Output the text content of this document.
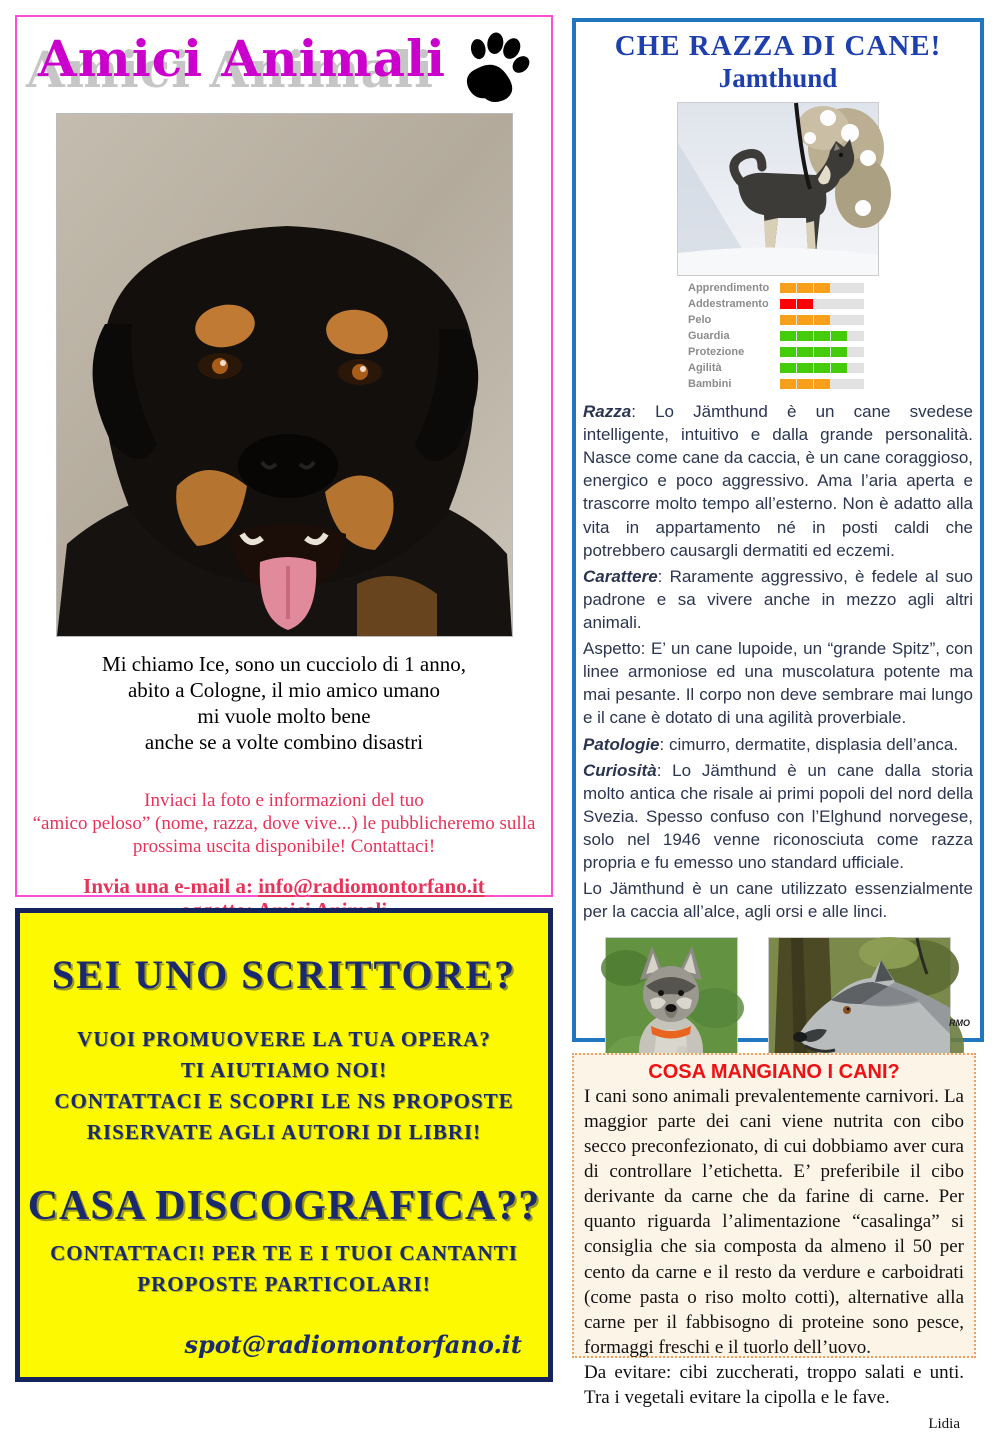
Amici Animali
Mi chiamo Ice, sono un cucciolo di 1 anno,
abito a Cologne, il mio amico umano
mi vuole molto bene
anche se a volte combino disastri
Inviaci la foto e informazioni del tuo
“amico peloso” (nome, razza, dove vive...) le pubblicheremo sulla
prossima uscita disponibile! Contattaci!
Invia una e-mail a: info@radiomontorfano.it
SEI UNO SCRITTORE?
VUOI PROMUOVERE LA TUA OPERA?
TI AIUTIAMO NOI!
CONTATTACI E SCOPRI LE NS PROPOSTE
RISERVATE AGLI AUTORI DI LIBRI!
CASA DISCOGRAFICA??
CONTATTACI! PER TE E I TUOI CANTANTI
PROPOSTE PARTICOLARI!
spot@radiomontorfano.it
CHE RAZZA DI CANE!
Jamthund
Apprendimento
Addestramento
Pelo
Guardia
Protezione
Agilità
Bambini

Razza: Lo Jämthund è un cane svedese intelligente, intuitivo e dalla grande personalità. Nasce come cane da caccia, è un cane coraggioso, energico e poco aggressivo. Ama l’aria aperta e trascorre molto tempo all’esterno. Non è adatto alla vita in appartamento né in posti caldi che potrebbero causargli dermatiti ed eczemi.

Carattere: Raramente aggressivo, è fedele al suo padrone e sa vivere anche in mezzo agli altri animali.

Aspetto: E’ un cane lupoide, un “grande Spitz”, con linee armoniose ed una muscolatura potente ma mai pesante. Il corpo non deve sembrare mai lungo e il cane è dotato di una agilità proverbiale.

Patologie: cimurro, dermatite, displasia dell’anca.

Curiosità: Lo Jämthund è un cane dalla storia molto antica che risale ai primi popoli del nord della Svezia. Spesso confuso con l’Elghund norvegese, solo nel 1946 venne riconosciuta come razza propria e fu emesso uno standard ufficiale.

Lo Jämthund è un cane utilizzato essenzialmente per la caccia all’alce, agli orsi e alle linci.

RMO
COSA MANGIANO I CANI?

I cani sono animali prevalentemente carnivori. La maggior parte dei cani viene nutrita con cibo secco preconfezionato, di cui dobbiamo aver cura di controllare l’etichetta. E’ preferibile il cibo derivante da carne che da farine di carne. Per quanto riguarda l’alimentazione “casalinga” si consiglia che sia composta da almeno il 50 per cento da carne e il resto da verdure e carboidrati (come pasta o riso molto cotti), alternative alla carne per il fabbisogno di proteine sono pesce, formaggi freschi e il tuorlo dell’uovo.

Da evitare: cibi zuccherati, troppo salati e unti. Tra i vegetali evitare la cipolla e le fave.

Lidia
